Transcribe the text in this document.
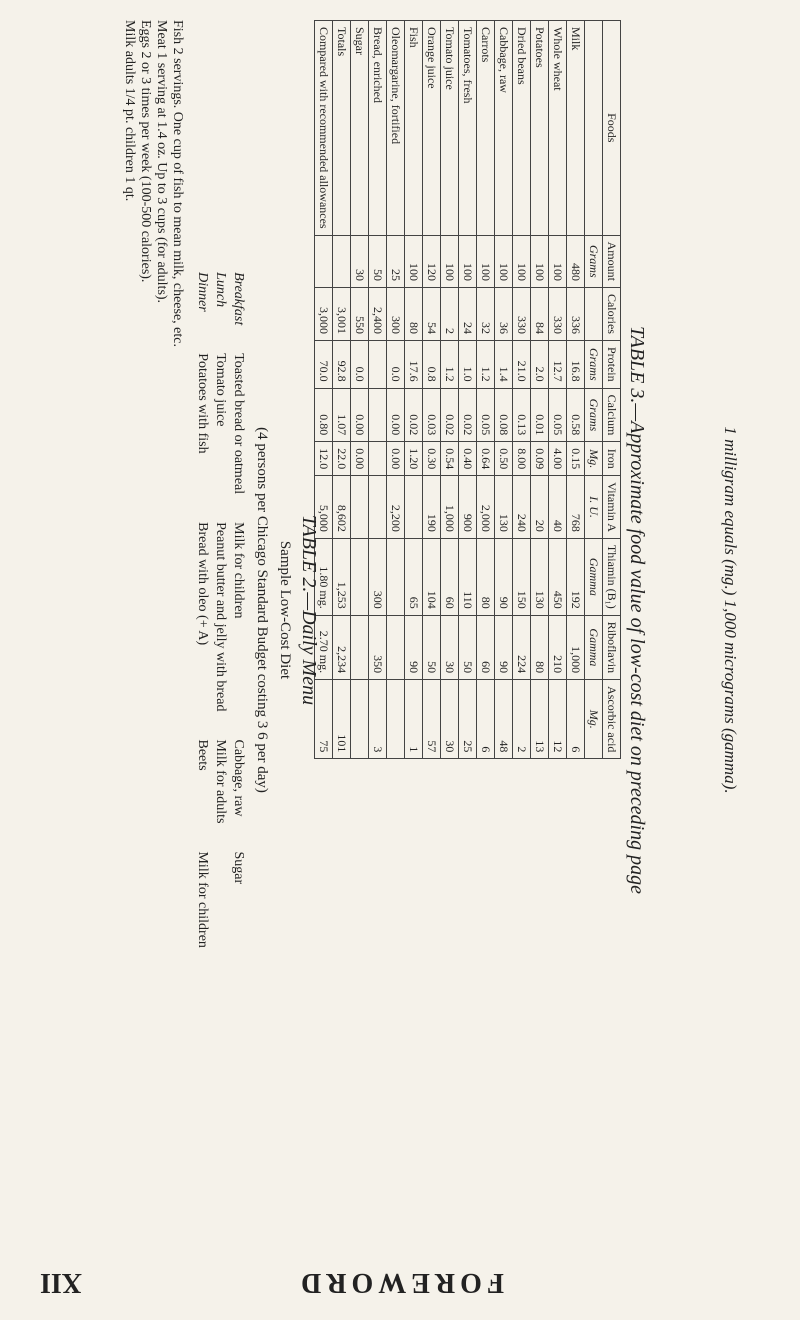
FOREWORD
XII
1 milligram equals (mg.) 1,000 micrograms (gamma).
TABLE 3.—Approximate food value of low-cost diet on preceding page
Foods	Amount	Calories	Protein	Calcium	Iron	Vitamin A	Thiamin (B₁)	Riboflavin	Ascorbic acid
	Grams		Grams	Grams	Mg.	I. U.	Gamma	Gamma	Mg.
Milk	480	336	16.8	0.58	0.15	768	192	1,000	6
Whole wheat	100	330	12.7	0.05	4.00	40	450	210	12
Potatoes	100	84	2.0	0.01	0.09	20	130	80	13
Dried beans	100	330	21.0	0.13	8.00	240	150	224	2
Cabbage, raw	100	36	1.4	0.08	0.50	130	90	90	48
Carrots	100	32	1.2	0.05	0.64	2,000	80	60	6
Tomatoes, fresh	100	24	1.0	0.02	0.40	900	110	50	25
Tomato juice	100	2	1.2	0.02	0.54	1,000	60	30	30
Orange juice	120	54	0.8	0.03	0.30	190	104	50	57
Fish	100	80	17.6	0.02	1.20		65	90	1
Oleomargarine, fortified	25	300	0.0	0.00	0.00	2,200			
Bread, enriched	50	2,400					300	350	3
Sugar	30	550	0.0	0.00	0.00				
Totals		3,001	92.8	1.07	22.0	8,602	1,253	2,234	101
Compared with recommended allowances		3,000	70.0	0.80	12.0	5,000	1.80 mg.	2.70 mg.	75
TABLE 2.—Daily Menu
Sample Low-Cost Diet
(4 persons per Chicago Standard Budget costing 3 6 per day)
Breakfast	Toasted bread or oatmeal	Milk for children	Cabbage, raw	Sugar
Lunch	Tomato juice	Peanut butter and jelly with bread	Milk for adults	
Dinner	Potatoes with fish	Bread with oleo (+ A)	Beets	Milk for children
Fish 2 servings. One cup of fish to mean milk, cheese, etc.
Meat 1 serving at 1.4 oz. Up to 3 cups (for adults).
Eggs 2 or 3 times per week (100-500 calories).
Milk adults 1/4 pt. children 1 qt.
